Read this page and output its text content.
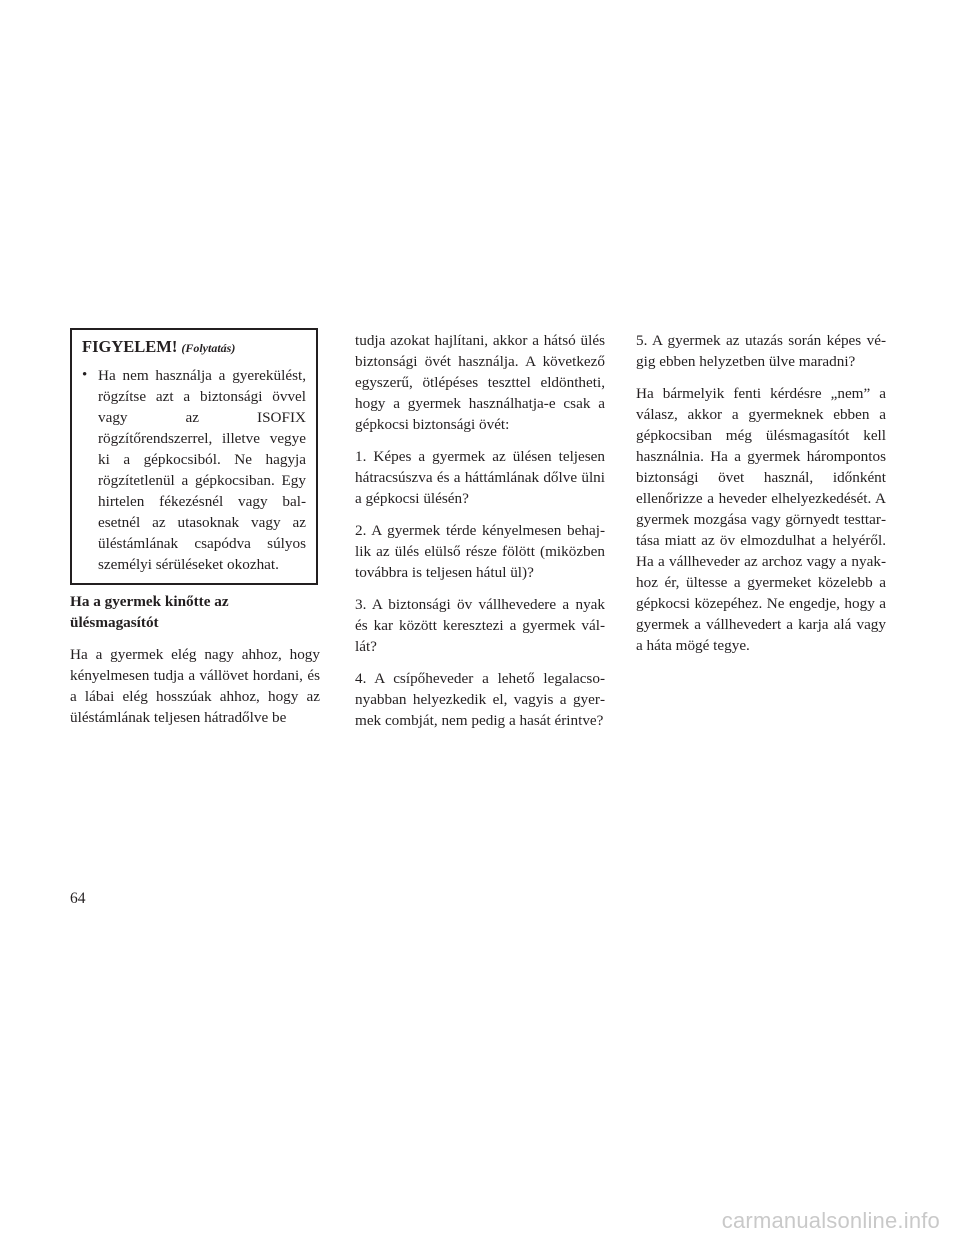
FIGYELEM! (Folytatás)
• Ha nem használja a gyerekülést, rögzítse azt a biztonsági övvel vagy az ISOFIX rögzítőrendszerrel, illetve vegye ki a gépkocsiból. Ne hagyja rögzítetlenül a gépkocsiban. Egy hirtelen fékezésnél vagy balesetnél az utasoknak vagy az üléstámlának csapódva súlyos személyi sérüléseket okozhat.
Ha a gyermek kinőtte az
ülésmagasítót

Ha a gyermek elég nagy ahhoz, hogy kényelmesen tudja a vállövet hordani, és a lábai elég hosszúak ahhoz, hogy az üléstámlának teljesen hátradőlve be

tudja azokat hajlítani, akkor a hátsó ülés biztonsági övét használja. A következő egyszerű, ötlépéses teszttel eldöntheti, hogy a gyermek használhatja-e csak a gépkocsi biztonsági övét:

1. Képes a gyermek az ülésen teljesen hátracsúszva és a háttámlának dőlve ülni a gépkocsi ülésén?

2. A gyermek térde kényelmesen behajlik az ülés elülső része fölött (miközben továbbra is teljesen hátul ül)?

3. A biztonsági öv vállhevedere a nyak és kar között keresztezi a gyermek vállát?

4. A csípőheveder a lehető legalacsonyabban helyezkedik el, vagyis a gyermek combját, nem pedig a hasát érintve?

5. A gyermek az utazás során képes végig ebben helyzetben ülve maradni?

Ha bármelyik fenti kérdésre „nem” a válasz, akkor a gyermeknek ebben a gépkocsiban még ülésmagasítót kell használnia. Ha a gyermek hárompontos biztonsági övet használ, időnként ellenőrizze a heveder elhelyezkedését. A gyermek mozgása vagy görnyedt testtartása miatt az öv elmozdulhat a helyéről. Ha a vállheveder az archoz vagy a nyakhoz ér, ültesse a gyermeket közelebb a gépkocsi közepéhez. Ne engedje, hogy a gyermek a vállhevedert a karja alá vagy a háta mögé tegye.

64
carmanualsonline.info
